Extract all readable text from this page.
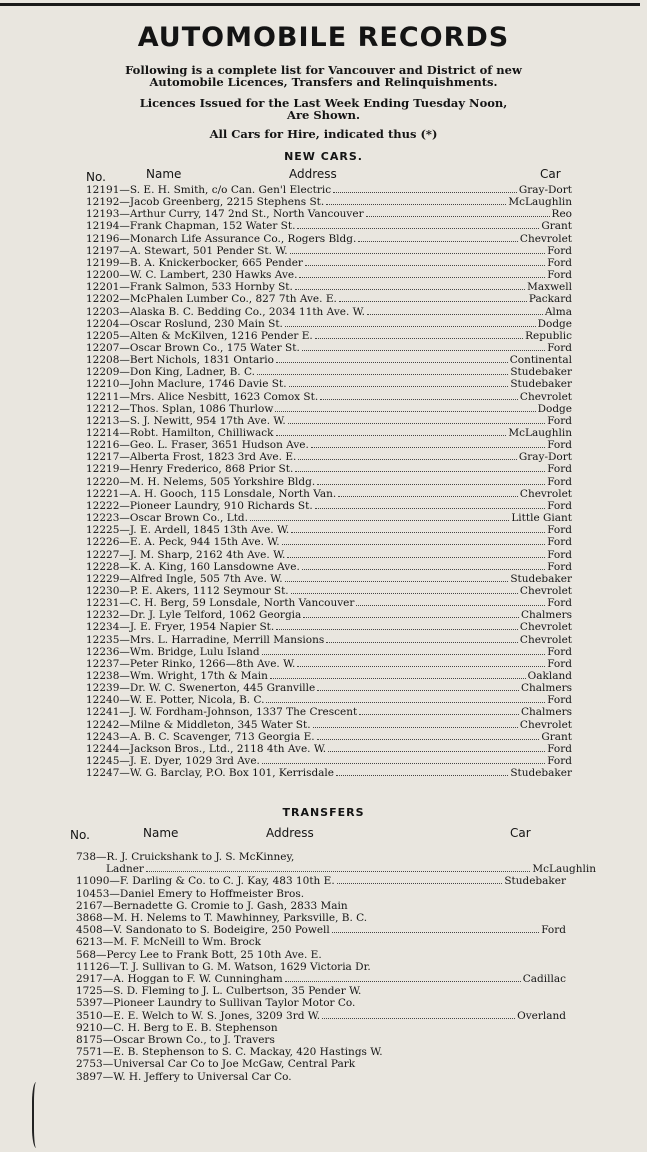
AUTOMOBILE RECORDS
Following is a complete list for Vancouver and District of new
Automobile Licences, Transfers and Relinquishments.
Licences Issued for the Last Week Ending Tuesday Noon,
Are Shown.
All Cars for Hire, indicated thus (*)
NEW CARS.
No.	Name	Address	Car
12191—S. E. H. Smith, c/o Can. Gen'l Electric	Gray-Dort
12192—Jacob Greenberg, 2215 Stephens St.	McLaughlin
12193—Arthur Curry, 147 2nd St., North Vancouver	Reo
12194—Frank Chapman, 152 Water St.	Grant
12196—Monarch Life Assurance Co., Rogers Bldg.	Chevrolet
12197—A. Stewart, 501 Pender St. W.	Ford
12199—B. A. Knickerbocker, 665 Pender	Ford
12200—W. C. Lambert, 230 Hawks Ave.	Ford
12201—Frank Salmon, 533 Hornby St.	Maxwell
12202—McPhalen Lumber Co., 827 7th Ave. E.	Packard
12203—Alaska B. C. Bedding Co., 2034 11th Ave. W.	Alma
12204—Oscar Roslund, 230 Main St.	Dodge
12205—Alten & McKilven, 1216 Pender E.	Republic
12207—Oscar Brown Co., 175 Water St.	Ford
12208—Bert Nichols, 1831 Ontario	Continental
12209—Don King, Ladner, B. C.	Studebaker
12210—John Maclure, 1746 Davie St.	Studebaker
12211—Mrs. Alice Nesbitt, 1623 Comox St.	Chevrolet
12212—Thos. Splan, 1086 Thurlow	Dodge
12213—S. J. Newitt, 954 17th Ave. W.	Ford
12214—Robt. Hamilton, Chilliwack	McLaughlin
12216—Geo. L. Fraser, 3651 Hudson Ave.	Ford
12217—Alberta Frost, 1823 3rd Ave. E.	Gray-Dort
12219—Henry Frederico, 868 Prior St.	Ford
12220—M. H. Nelems, 505 Yorkshire Bldg.	Ford
12221—A. H. Gooch, 115 Lonsdale, North Van.	Chevrolet
12222—Pioneer Laundry, 910 Richards St.	Ford
12223—Oscar Brown Co., Ltd.	Little Giant
12225—J. E. Ardell, 1845 13th Ave. W.	Ford
12226—E. A. Peck, 944 15th Ave. W.	Ford
12227—J. M. Sharp, 2162 4th Ave. W.	Ford
12228—K. A. King, 160 Lansdowne Ave.	Ford
12229—Alfred Ingle, 505 7th Ave. W.	Studebaker
12230—P. E. Akers, 1112 Seymour St.	Chevrolet
12231—C. H. Berg, 59 Lonsdale, North Vancouver	Ford
12232—Dr. J. Lyle Telford, 1062 Georgia	Chalmers
12234—J. E. Fryer, 1954 Napier St.	Chevrolet
12235—Mrs. L. Harradine, Merrill Mansions	Chevrolet
12236—Wm. Bridge, Lulu Island	Ford
12237—Peter Rinko, 1266—8th Ave. W.	Ford
12238—Wm. Wright, 17th & Main	Oakland
12239—Dr. W. C. Swenerton, 445 Granville	Chalmers
12240—W. E. Potter, Nicola, B. C.	Ford
12241—J. W. Fordham-Johnson, 1337 The Crescent	Chalmers
12242—Milne & Middleton, 345 Water St.	Chevrolet
12243—A. B. C. Scavenger, 713 Georgia E.	Grant
12244—Jackson Bros., Ltd., 2118 4th Ave. W.	Ford
12245—J. E. Dyer, 1029 3rd Ave.	Ford
12247—W. G. Barclay, P.O. Box 101, Kerrisdale	Studebaker
TRANSFERS
No.	Name	Address	Car
738—R. J. Cruickshank to J. S. McKinney,
Ladner	McLaughlin
11090—F. Darling & Co. to C. J. Kay, 483 10th E.	Studebaker
10453—Daniel Emery to Hoffmeister Bros.
2167—Bernadette G. Cromie to J. Gash, 2833 Main
3868—M. H. Nelems to T. Mawhinney, Parksville, B. C.
4508—V. Sandonato to S. Bodeigire, 250 Powell	Ford
6213—M. F. McNeill to Wm. Brock
568—Percy Lee to Frank Bott, 25 10th Ave. E.
11126—T. J. Sullivan to G. M. Watson, 1629 Victoria Dr.
2917—A. Hoggan to F. W. Cunningham	Cadillac
1725—S. D. Fleming to J. L. Culbertson, 35 Pender W.
5397—Pioneer Laundry to Sullivan Taylor Motor Co.
3510—E. E. Welch to W. S. Jones, 3209 3rd W.	Overland
9210—C. H. Berg to E. B. Stephenson
8175—Oscar Brown Co., to J. Travers
7571—E. B. Stephenson to S. C. Mackay, 420 Hastings W.
2753—Universal Car Co to Joe McGaw, Central Park
3897—W. H. Jeffery to Universal Car Co.
